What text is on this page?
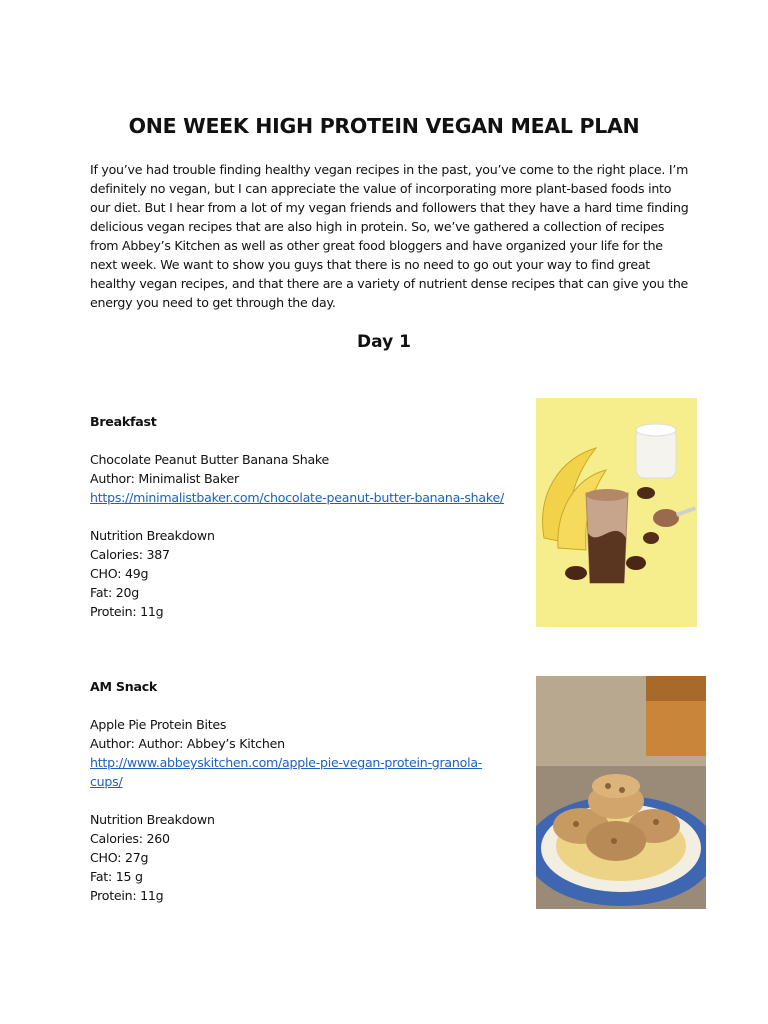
ONE WEEK HIGH PROTEIN VEGAN MEAL PLAN

If you’ve had trouble finding healthy vegan recipes in the past, you’ve come to the right place. I’m definitely no vegan, but I can appreciate the value of incorporating more plant-based foods into our diet. But I hear from a lot of my vegan friends and followers that they have a hard time finding delicious vegan recipes that are also high in protein. So, we’ve gathered a collection of recipes from Abbey’s Kitchen as well as other great food bloggers and have organized your life for the next week. We want to show you guys that there is no need to go out your way to find great healthy vegan recipes, and that there are a variety of nutrient dense recipes that can give you the energy you need to get through the day.

Day 1

Breakfast

Chocolate Peanut Butter Banana Shake

Author: Minimalist Baker

https://minimalistbaker.com/chocolate-peanut-butter-banana-shake/

Nutrition Breakdown

Calories: 387

CHO: 49g

Fat: 20g

Protein: 11g

AM Snack

Apple Pie Protein Bites

Author: Author: Abbey’s Kitchen

http://www.abbeyskitchen.com/apple-pie-vegan-protein-granola-

cups/

Nutrition Breakdown

Calories: 260

CHO: 27g

Fat: 15 g

Protein: 11g
